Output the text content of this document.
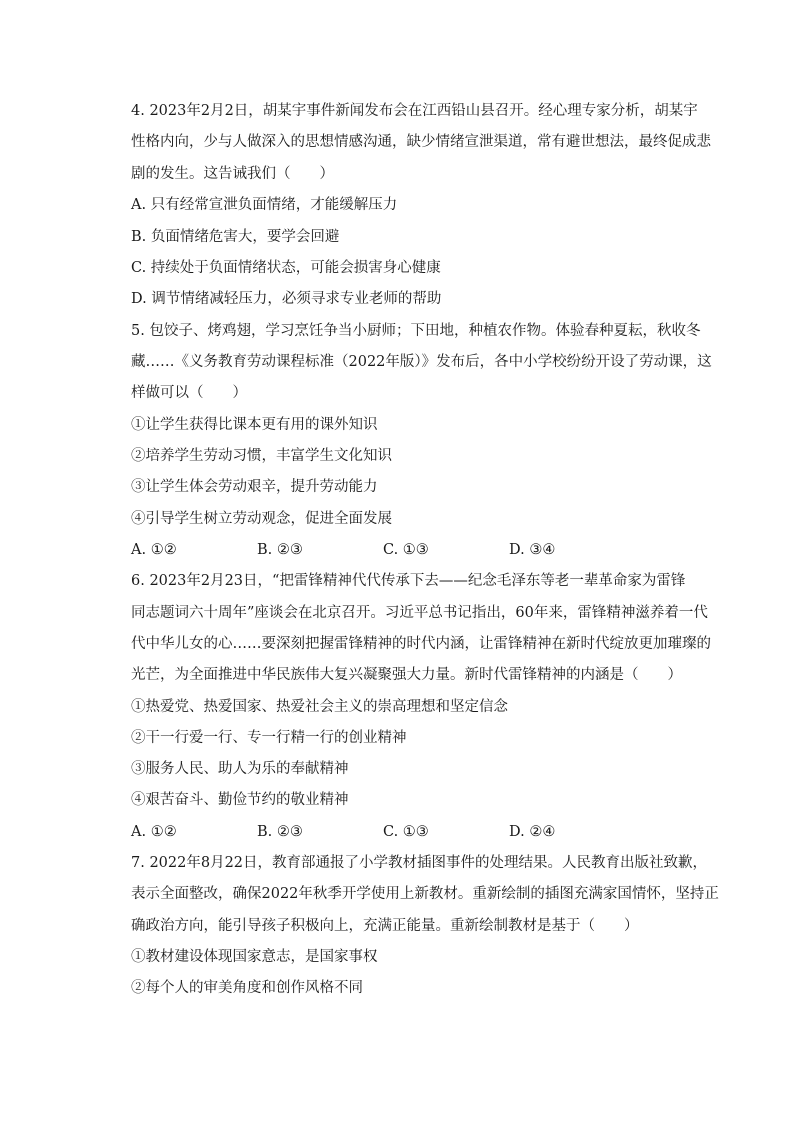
4. 2023年2月2日，胡某宇事件新闻发布会在江西铅山县召开。经心理专家分析，胡某宇
性格内向，少与人做深入的思想情感沟通，缺少情绪宣泄渠道，常有避世想法，最终促成悲
剧的发生。这告诫我们（　　）
A. 只有经常宣泄负面情绪，才能缓解压力
B. 负面情绪危害大，要学会回避
C. 持续处于负面情绪状态，可能会损害身心健康
D. 调节情绪减轻压力，必须寻求专业老师的帮助
5. 包饺子、烤鸡翅，学习烹饪争当小厨师；下田地，种植农作物。体验春种夏耘，秋收冬
藏……《义务教育劳动课程标准（2022年版）》发布后，各中小学校纷纷开设了劳动课，这
样做可以（　　）
①让学生获得比课本更有用的课外知识
②培养学生劳动习惯，丰富学生文化知识
③让学生体会劳动艰辛，提升劳动能力
④引导学生树立劳动观念，促进全面发展
A. ①②	B. ②③	C. ①③	D. ③④
6. 2023年2月23日，“把雷锋精神代代传承下去——纪念毛泽东等老一辈革命家为雷锋
同志题词六十周年”座谈会在北京召开。习近平总书记指出，60年来，雷锋精神滋养着一代
代中华儿女的心……要深刻把握雷锋精神的时代内涵，让雷锋精神在新时代绽放更加璀璨的
光芒，为全面推进中华民族伟大复兴凝聚强大力量。新时代雷锋精神的内涵是（　　）
①热爱党、热爱国家、热爱社会主义的崇高理想和坚定信念
②干一行爱一行、专一行精一行的创业精神
③服务人民、助人为乐的奉献精神
④艰苦奋斗、勤俭节约的敬业精神
A. ①②	B. ②③	C. ①③	D. ②④
7. 2022年8月22日，教育部通报了小学教材插图事件的处理结果。人民教育出版社致歉，
表示全面整改，确保2022年秋季开学使用上新教材。重新绘制的插图充满家国情怀，坚持正
确政治方向，能引导孩子积极向上，充满正能量。重新绘制教材是基于（　　）
①教材建设体现国家意志，是国家事权
②每个人的审美角度和创作风格不同
